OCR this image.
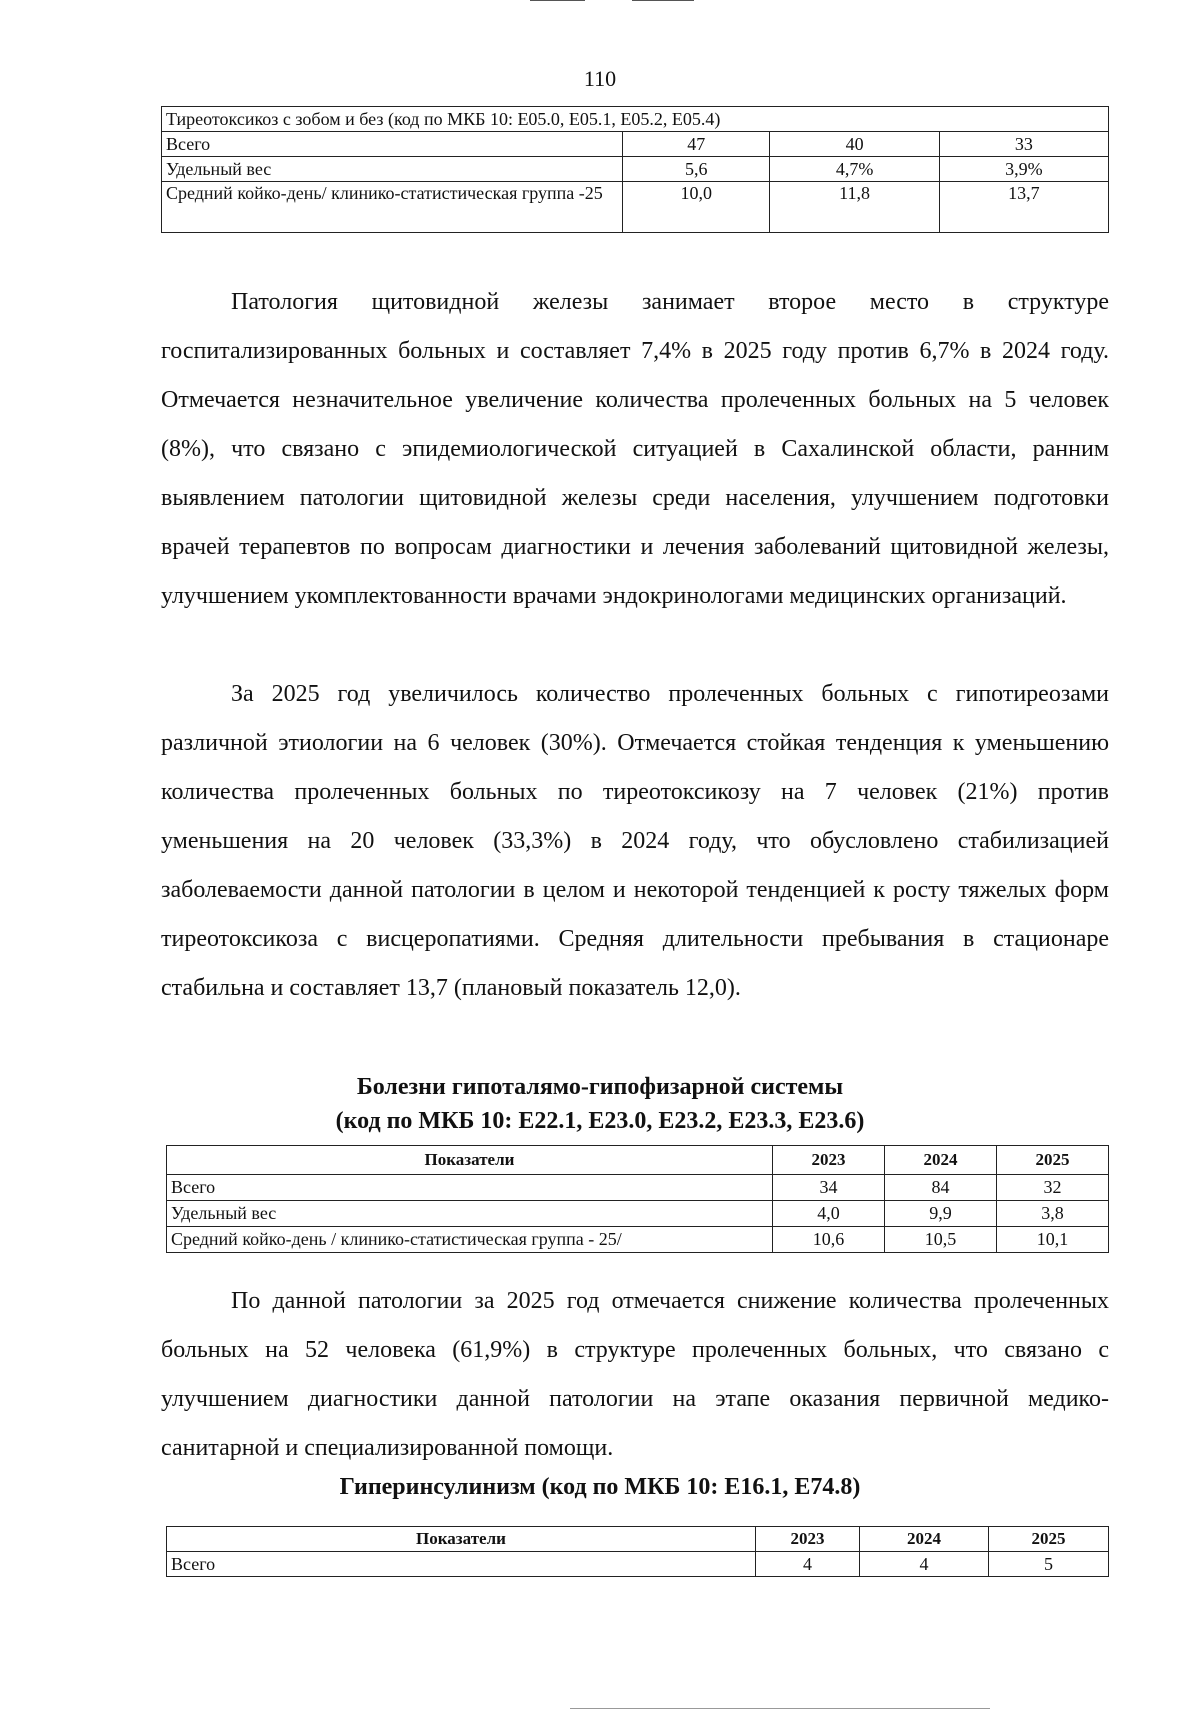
110
Тиреотоксикоз с зобом и без (код по МКБ 10: Е05.0, Е05.1, Е05.2, Е05.4)			
Всего	47	40	33
Удельный вес	5,6	4,7%	3,9%
Средний койко-день/ клинико-статистическая группа -25	10,0	11,8	13,7

Патология щитовидной железы занимает второе место в структуре госпитализированных больных и составляет 7,4% в 2025 году против 6,7% в 2024 году. Отмечается незначительное увеличение количества пролеченных больных на 5 человек (8%), что связано с эпидемиологической ситуацией в Сахалинской области, ранним выявлением патологии щитовидной железы среди населения, улучшением подготовки врачей терапевтов по вопросам диагностики и лечения заболеваний щитовидной железы, улучшением укомплектованности врачами эндокринологами медицинских организаций.

За 2025 год увеличилось количество пролеченных больных с гипотиреозами различной этиологии на 6 человек (30%). Отмечается стойкая тенденция к уменьшению количества пролеченных больных по тиреотоксикозу на 7 человек (21%) против уменьшения на 20 человек (33,3%) в 2024 году, что обусловлено стабилизацией заболеваемости данной патологии в целом и некоторой тенденцией к росту тяжелых форм тиреотоксикоза с висцеропатиями. Средняя длительности пребывания в стационаре стабильна и составляет 13,7 (плановый показатель 12,0).

Болезни гипоталямо-гипофизарной системы
(код по МКБ 10: Е22.1, Е23.0, Е23.2, Е23.3, Е23.6)
Показатели	2023	2024	2025
Всего	34	84	32
Удельный вес	4,0	9,9	3,8
Средний койко-день / клинико-статистическая группа - 25/	10,6	10,5	10,1

По данной патологии за 2025 год отмечается снижение количества пролеченных больных на 52 человека (61,9%) в структуре пролеченных больных, что связано с улучшением диагностики данной патологии на этапе оказания первичной медико-санитарной и специализированной помощи.

Гиперинсулинизм (код по МКБ 10: Е16.1, Е74.8)
Показатели	2023	2024	2025
Всего	4	4	5
